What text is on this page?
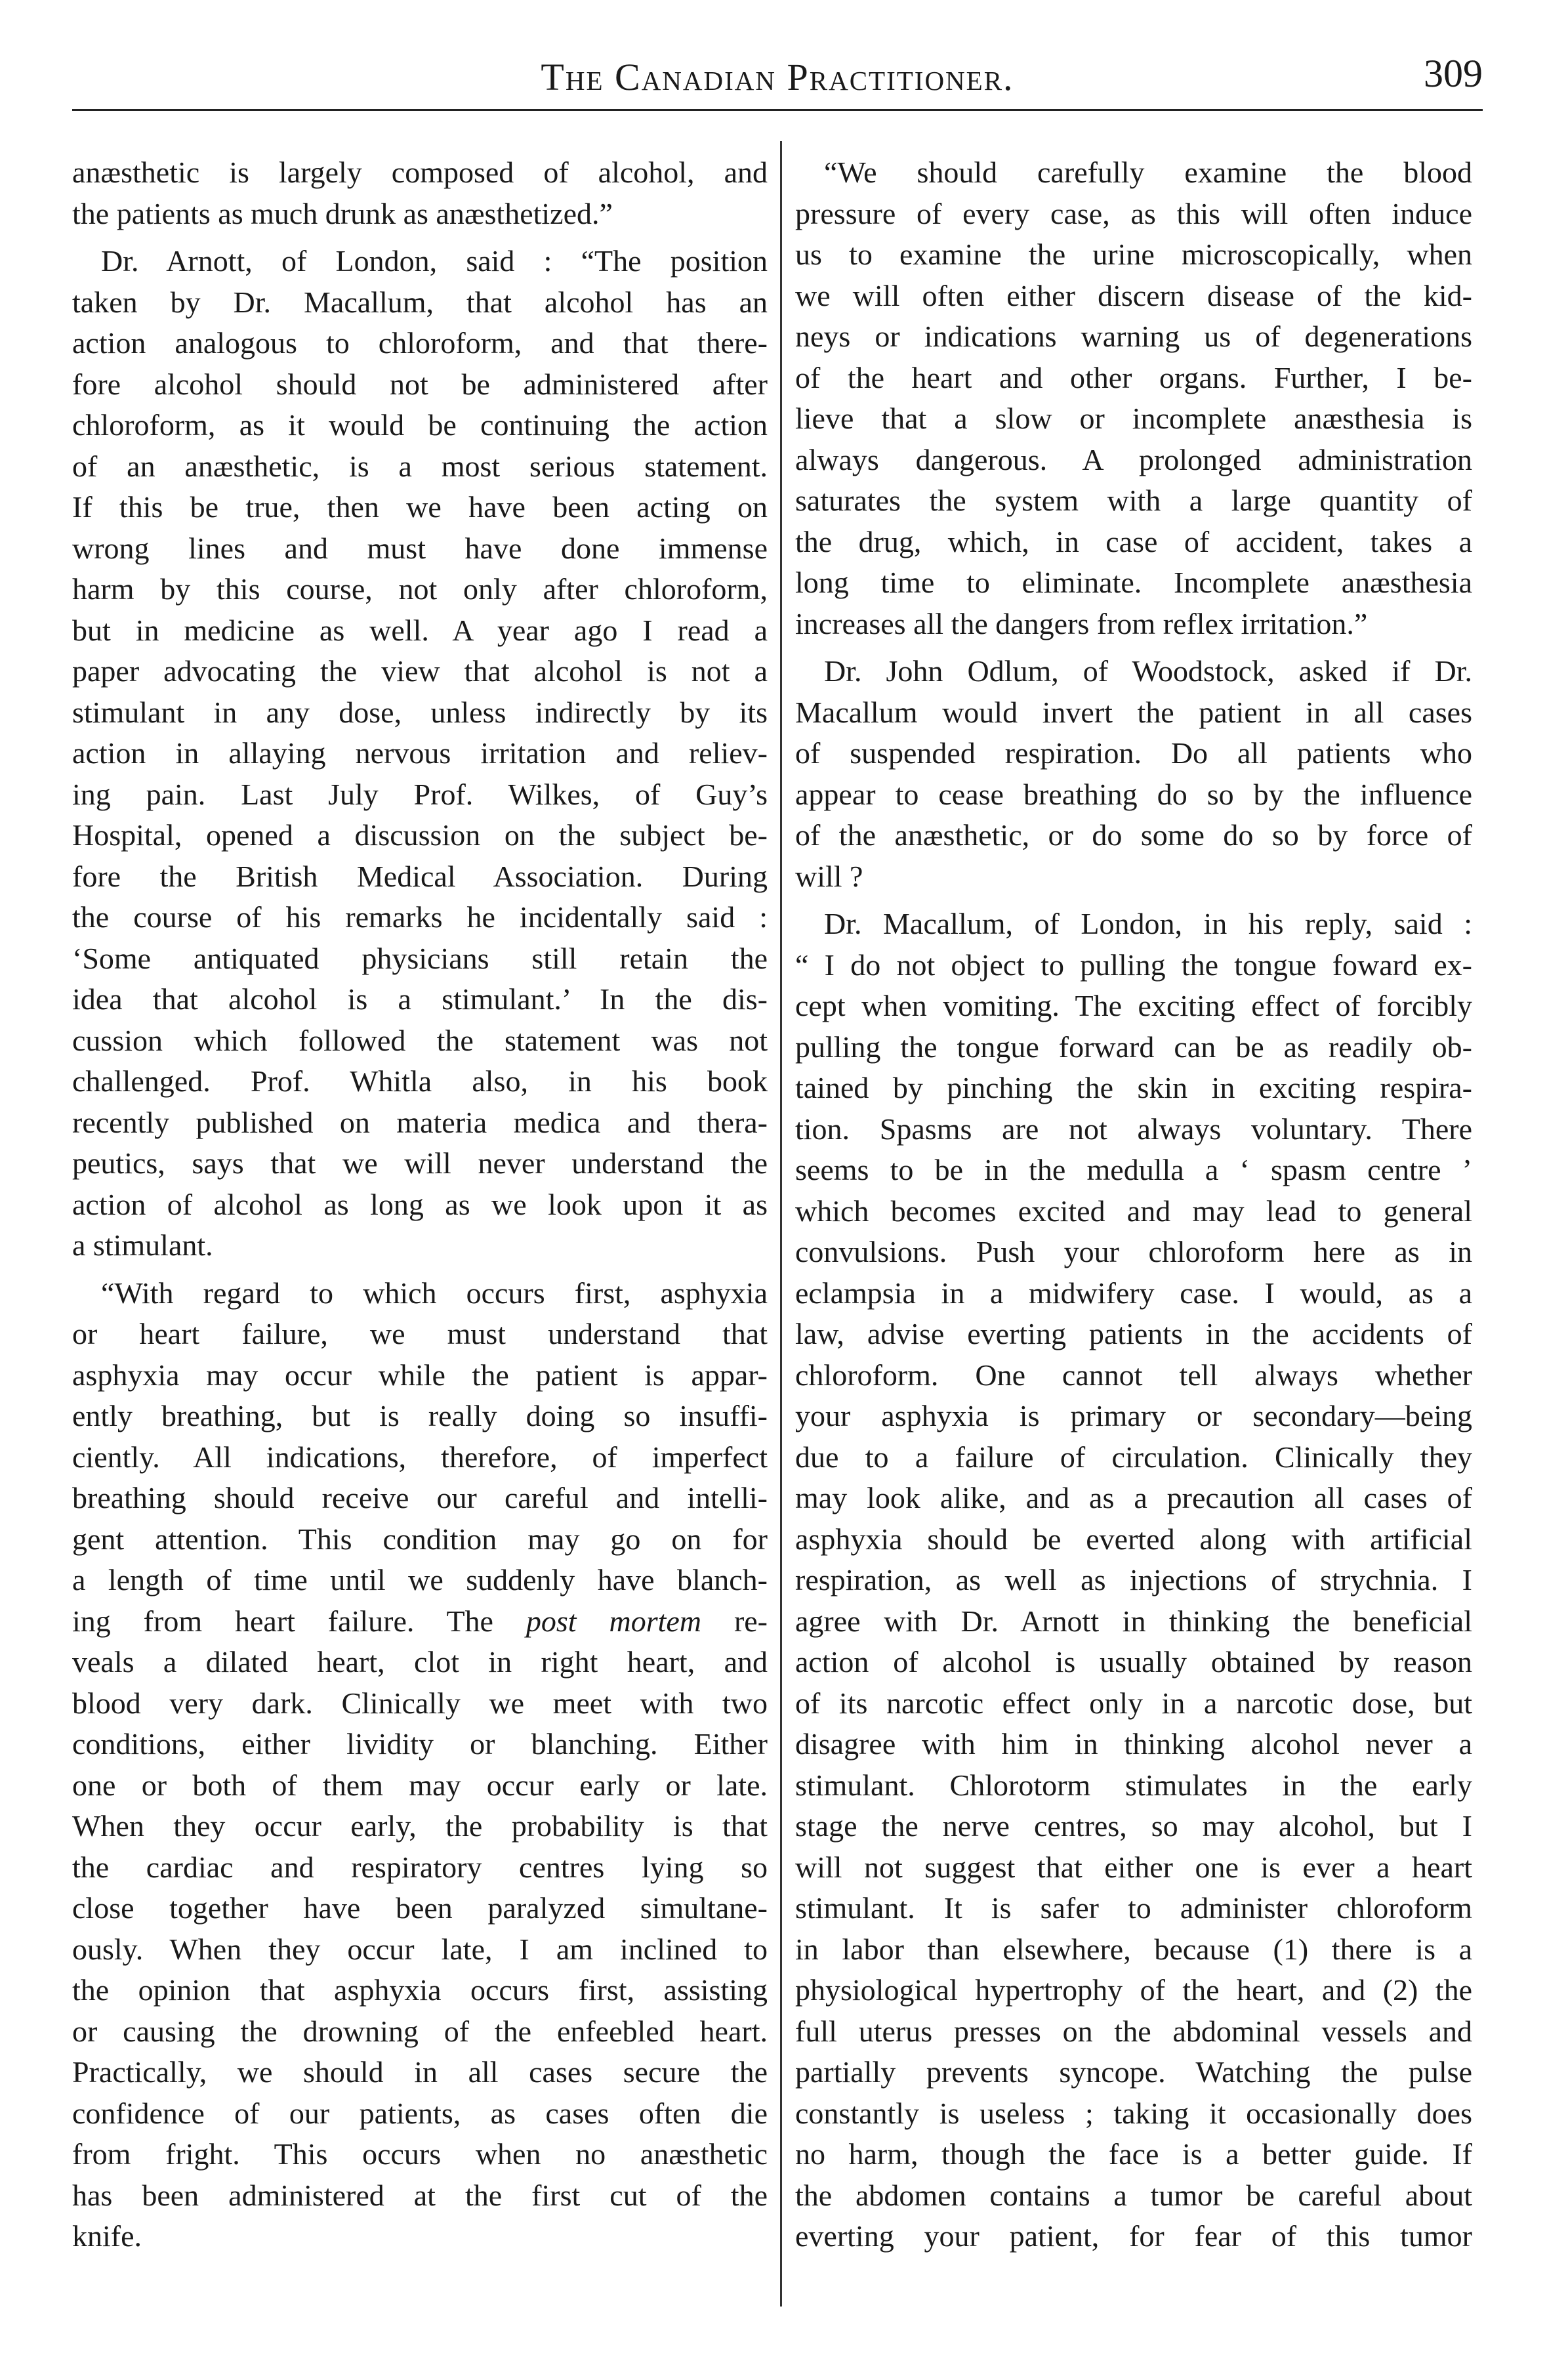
The Canadian Practitioner.	309
anæsthetic is largely composed of alcohol, and
the patients as much drunk as anæsthetized.”
Dr. Arnott, of London, said : “The position
taken by Dr. Macallum, that alcohol has an
action analogous to chloroform, and that there-
fore alcohol should not be administered after
chloroform, as it would be continuing the action
of an anæsthetic, is a most serious statement.
If this be true, then we have been acting on
wrong lines and must have done immense
harm by this course, not only after chloroform,
but in medicine as well. A year ago I read a
paper advocating the view that alcohol is not a
stimulant in any dose, unless indirectly by its
action in allaying nervous irritation and reliev-
ing pain. Last July Prof. Wilkes, of Guy’s
Hospital, opened a discussion on the subject be-
fore the British Medical Association. During
the course of his remarks he incidentally said :
‘Some antiquated physicians still retain the
idea that alcohol is a stimulant.’ In the dis-
cussion which followed the statement was not
challenged. Prof. Whitla also, in his book
recently published on materia medica and thera-
peutics, says that we will never understand the
action of alcohol as long as we look upon it as
a stimulant.
“With regard to which occurs first, asphyxia
or heart failure, we must understand that
asphyxia may occur while the patient is appar-
ently breathing, but is really doing so insuffi-
ciently. All indications, therefore, of imperfect
breathing should receive our careful and intelli-
gent attention. This condition may go on for
a length of time until we suddenly have blanch-
ing from heart failure. The post mortem re-
veals a dilated heart, clot in right heart, and
blood very dark. Clinically we meet with two
conditions, either lividity or blanching. Either
one or both of them may occur early or late.
When they occur early, the probability is that
the cardiac and respiratory centres lying so
close together have been paralyzed simultane-
ously. When they occur late, I am inclined to
the opinion that asphyxia occurs first, assisting
or causing the drowning of the enfeebled heart.
Practically, we should in all cases secure the
confidence of our patients, as cases often die
from fright. This occurs when no anæsthetic
has been administered at the first cut of the
knife.
“We should carefully examine the blood
pressure of every case, as this will often induce
us to examine the urine microscopically, when
we will often either discern disease of the kid-
neys or indications warning us of degenerations
of the heart and other organs. Further, I be-
lieve that a slow or incomplete anæsthesia is
always dangerous. A prolonged administration
saturates the system with a large quantity of
the drug, which, in case of accident, takes a
long time to eliminate. Incomplete anæsthesia
increases all the dangers from reflex irritation.”
Dr. John Odlum, of Woodstock, asked if Dr.
Macallum would invert the patient in all cases
of suspended respiration. Do all patients who
appear to cease breathing do so by the influence
of the anæsthetic, or do some do so by force of
will ?
Dr. Macallum, of London, in his reply, said :
“ I do not object to pulling the tongue foward ex-
cept when vomiting. The exciting effect of forcibly
pulling the tongue forward can be as readily ob-
tained by pinching the skin in exciting respira-
tion. Spasms are not always voluntary. There
seems to be in the medulla a ‘ spasm centre ’
which becomes excited and may lead to general
convulsions. Push your chloroform here as in
eclampsia in a midwifery case. I would, as a
law, advise everting patients in the accidents of
chloroform. One cannot tell always whether
your asphyxia is primary or secondary—being
due to a failure of circulation. Clinically they
may look alike, and as a precaution all cases of
asphyxia should be everted along with artificial
respiration, as well as injections of strychnia. I
agree with Dr. Arnott in thinking the beneficial
action of alcohol is usually obtained by reason
of its narcotic effect only in a narcotic dose, but
disagree with him in thinking alcohol never a
stimulant. Chlorotorm stimulates in the early
stage the nerve centres, so may alcohol, but I
will not suggest that either one is ever a heart
stimulant. It is safer to administer chloroform
in labor than elsewhere, because (1) there is a
physiological hypertrophy of the heart, and (2) the
full uterus presses on the abdominal vessels and
partially prevents syncope. Watching the pulse
constantly is useless ; taking it occasionally does
no harm, though the face is a better guide. If
the abdomen contains a tumor be careful about
everting your patient, for fear of this tumor
